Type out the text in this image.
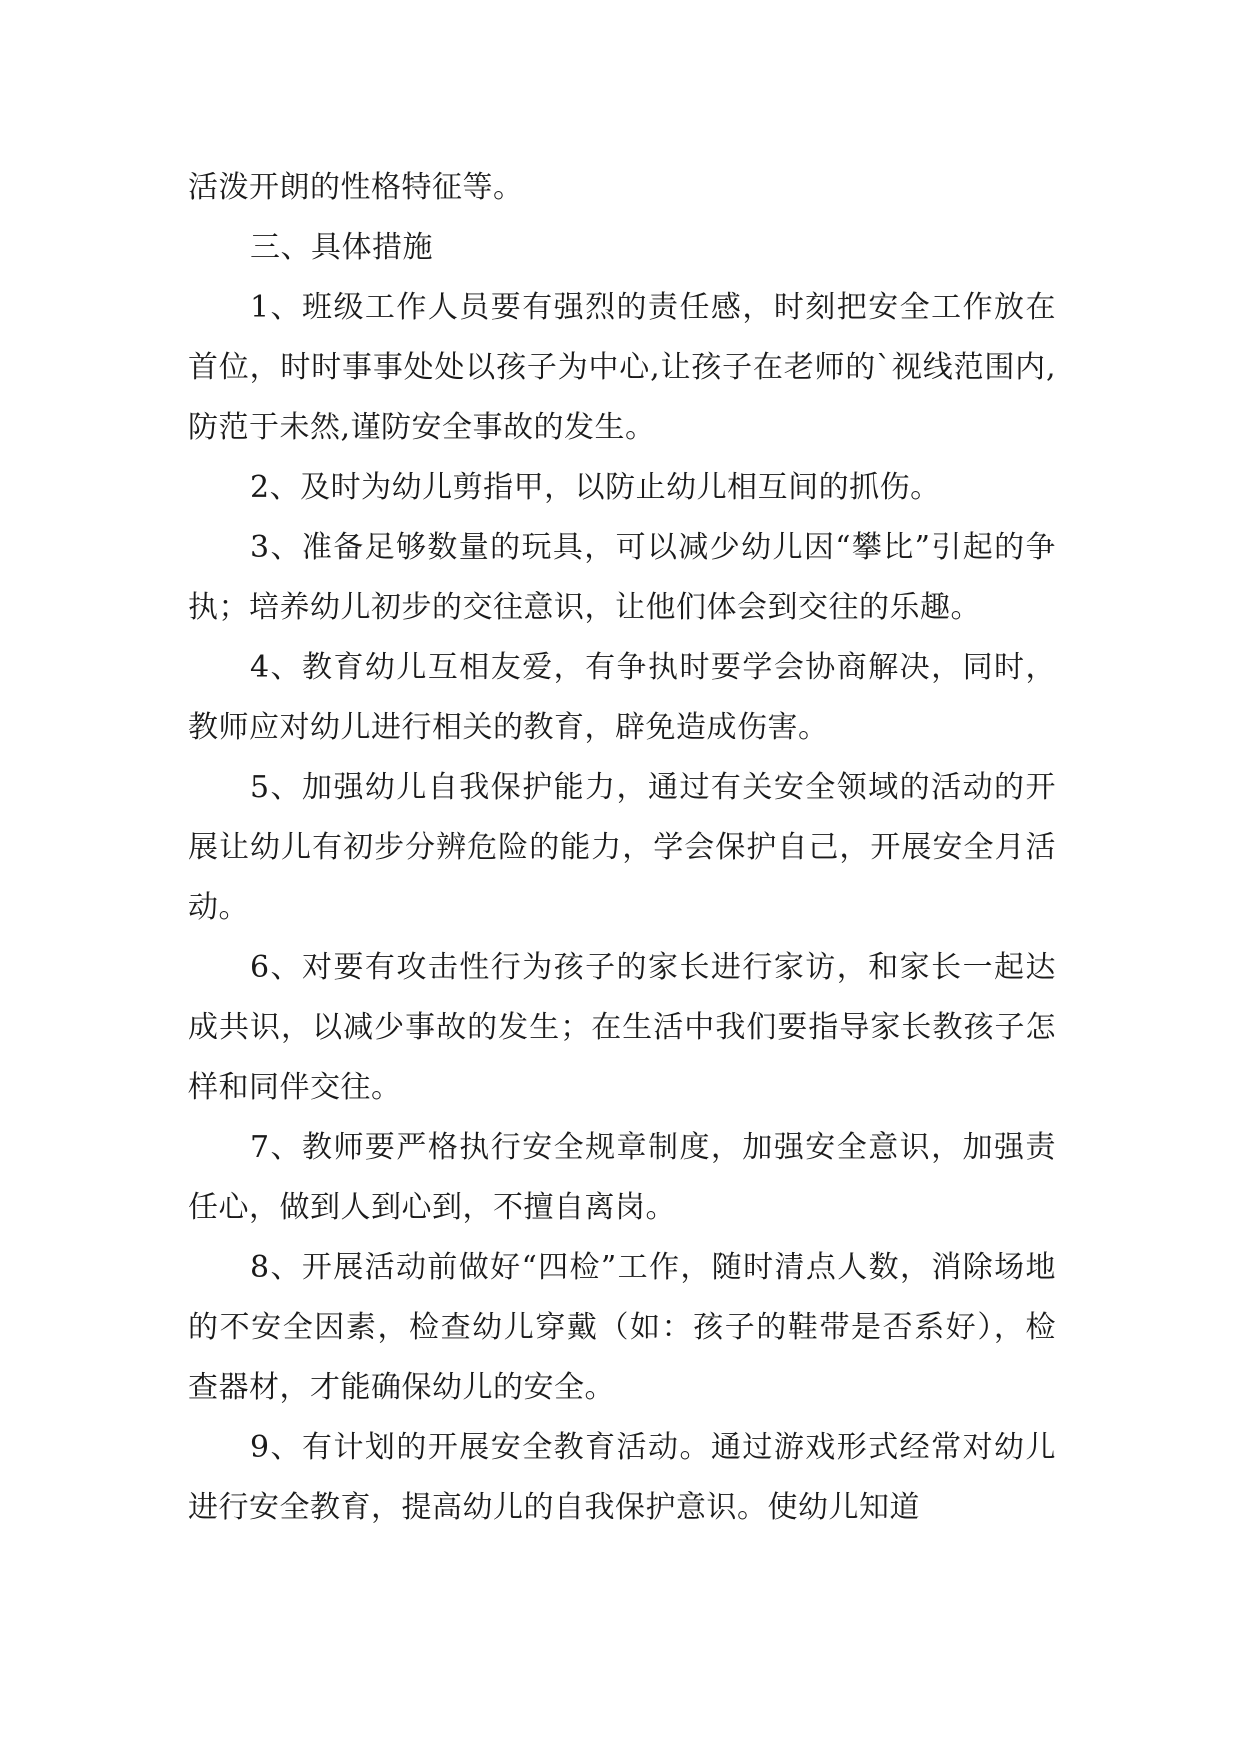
活泼开朗的性格特征等。

三、具体措施

1、班级工作人员要有强烈的责任感，时刻把安全工作放在首位，时时事事处处以孩子为中心,让孩子在老师的`视线范围内,防范于未然,谨防安全事故的发生。

2、及时为幼儿剪指甲，以防止幼儿相互间的抓伤。

3、准备足够数量的玩具，可以减少幼儿因“攀比”引起的争执；培养幼儿初步的交往意识，让他们体会到交往的乐趣。

4、教育幼儿互相友爱，有争执时要学会协商解决，同时，教师应对幼儿进行相关的教育，辟免造成伤害。

5、加强幼儿自我保护能力，通过有关安全领域的活动的开展让幼儿有初步分辨危险的能力，学会保护自己，开展安全月活动。

6、对要有攻击性行为孩子的家长进行家访，和家长一起达成共识，以减少事故的发生；在生活中我们要指导家长教孩子怎样和同伴交往。

7、教师要严格执行安全规章制度，加强安全意识，加强责任心，做到人到心到，不擅自离岗。

8、开展活动前做好“四检”工作，随时清点人数，消除场地的不安全因素，检查幼儿穿戴（如：孩子的鞋带是否系好），检查器材，才能确保幼儿的安全。

9、有计划的开展安全教育活动。通过游戏形式经常对幼儿进行安全教育，提高幼儿的自我保护意识。使幼儿知道
